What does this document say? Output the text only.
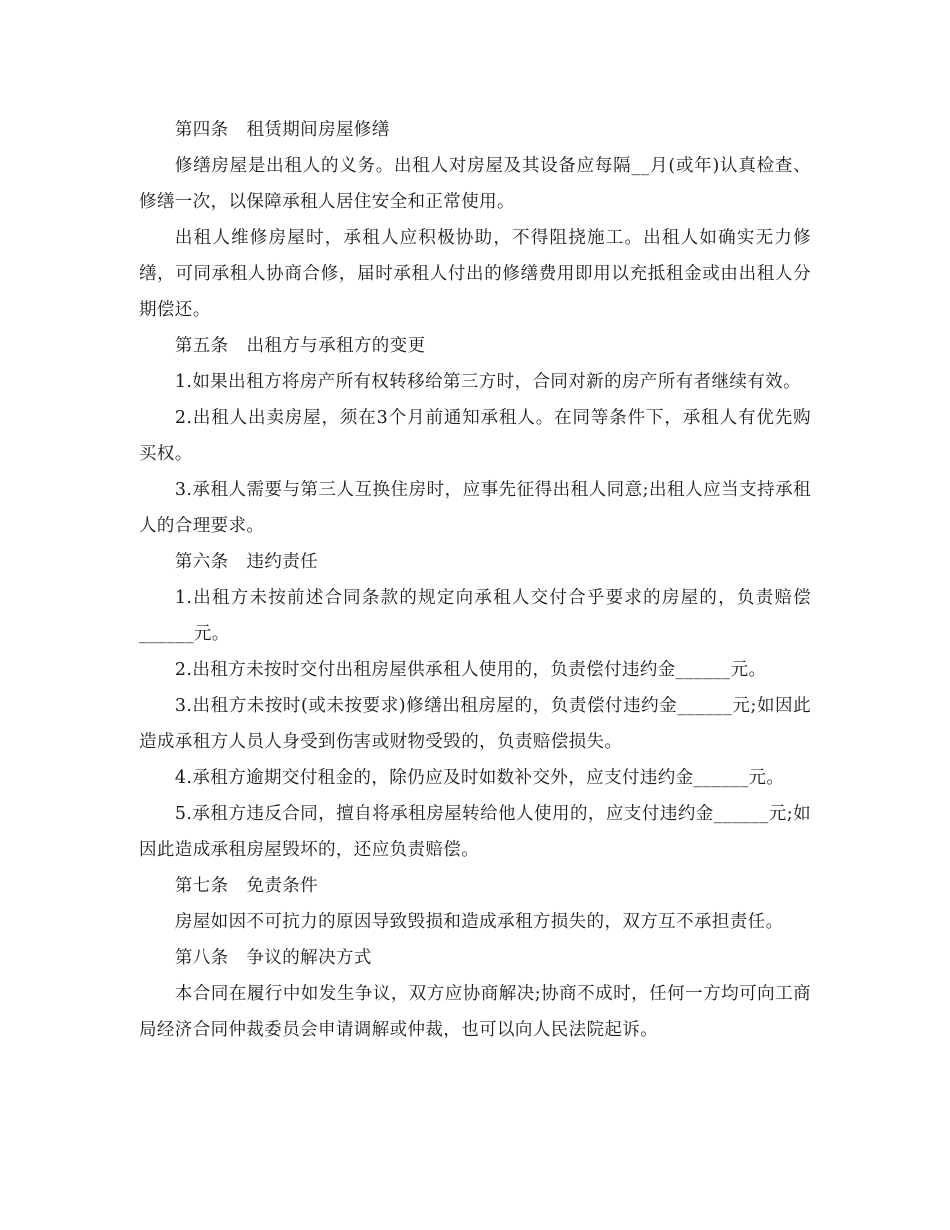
第四条　租赁期间房屋修缮

修缮房屋是出租人的义务。出租人对房屋及其设备应每隔__月(或年)认真检查、修缮一次，以保障承租人居住安全和正常使用。

出租人维修房屋时，承租人应积极协助，不得阻挠施工。出租人如确实无力修缮，可同承租人协商合修，届时承租人付出的修缮费用即用以充抵租金或由出租人分期偿还。

第五条　出租方与承租方的变更

1.如果出租方将房产所有权转移给第三方时，合同对新的房产所有者继续有效。

2.出租人出卖房屋，须在3个月前通知承租人。在同等条件下，承租人有优先购买权。

3.承租人需要与第三人互换住房时，应事先征得出租人同意;出租人应当支持承租人的合理要求。

第六条　违约责任

1.出租方未按前述合同条款的规定向承租人交付合乎要求的房屋的，负责赔偿______元。

2.出租方未按时交付出租房屋供承租人使用的，负责偿付违约金______元。

3.出租方未按时(或未按要求)修缮出租房屋的，负责偿付违约金______元;如因此造成承租方人员人身受到伤害或财物受毁的，负责赔偿损失。

4.承租方逾期交付租金的，除仍应及时如数补交外，应支付违约金______元。

5.承租方违反合同，擅自将承租房屋转给他人使用的，应支付违约金______元;如因此造成承租房屋毁坏的，还应负责赔偿。

第七条　免责条件

房屋如因不可抗力的原因导致毁损和造成承租方损失的，双方互不承担责任。

第八条　争议的解决方式

本合同在履行中如发生争议，双方应协商解决;协商不成时，任何一方均可向工商局经济合同仲裁委员会申请调解或仲裁，也可以向人民法院起诉。
